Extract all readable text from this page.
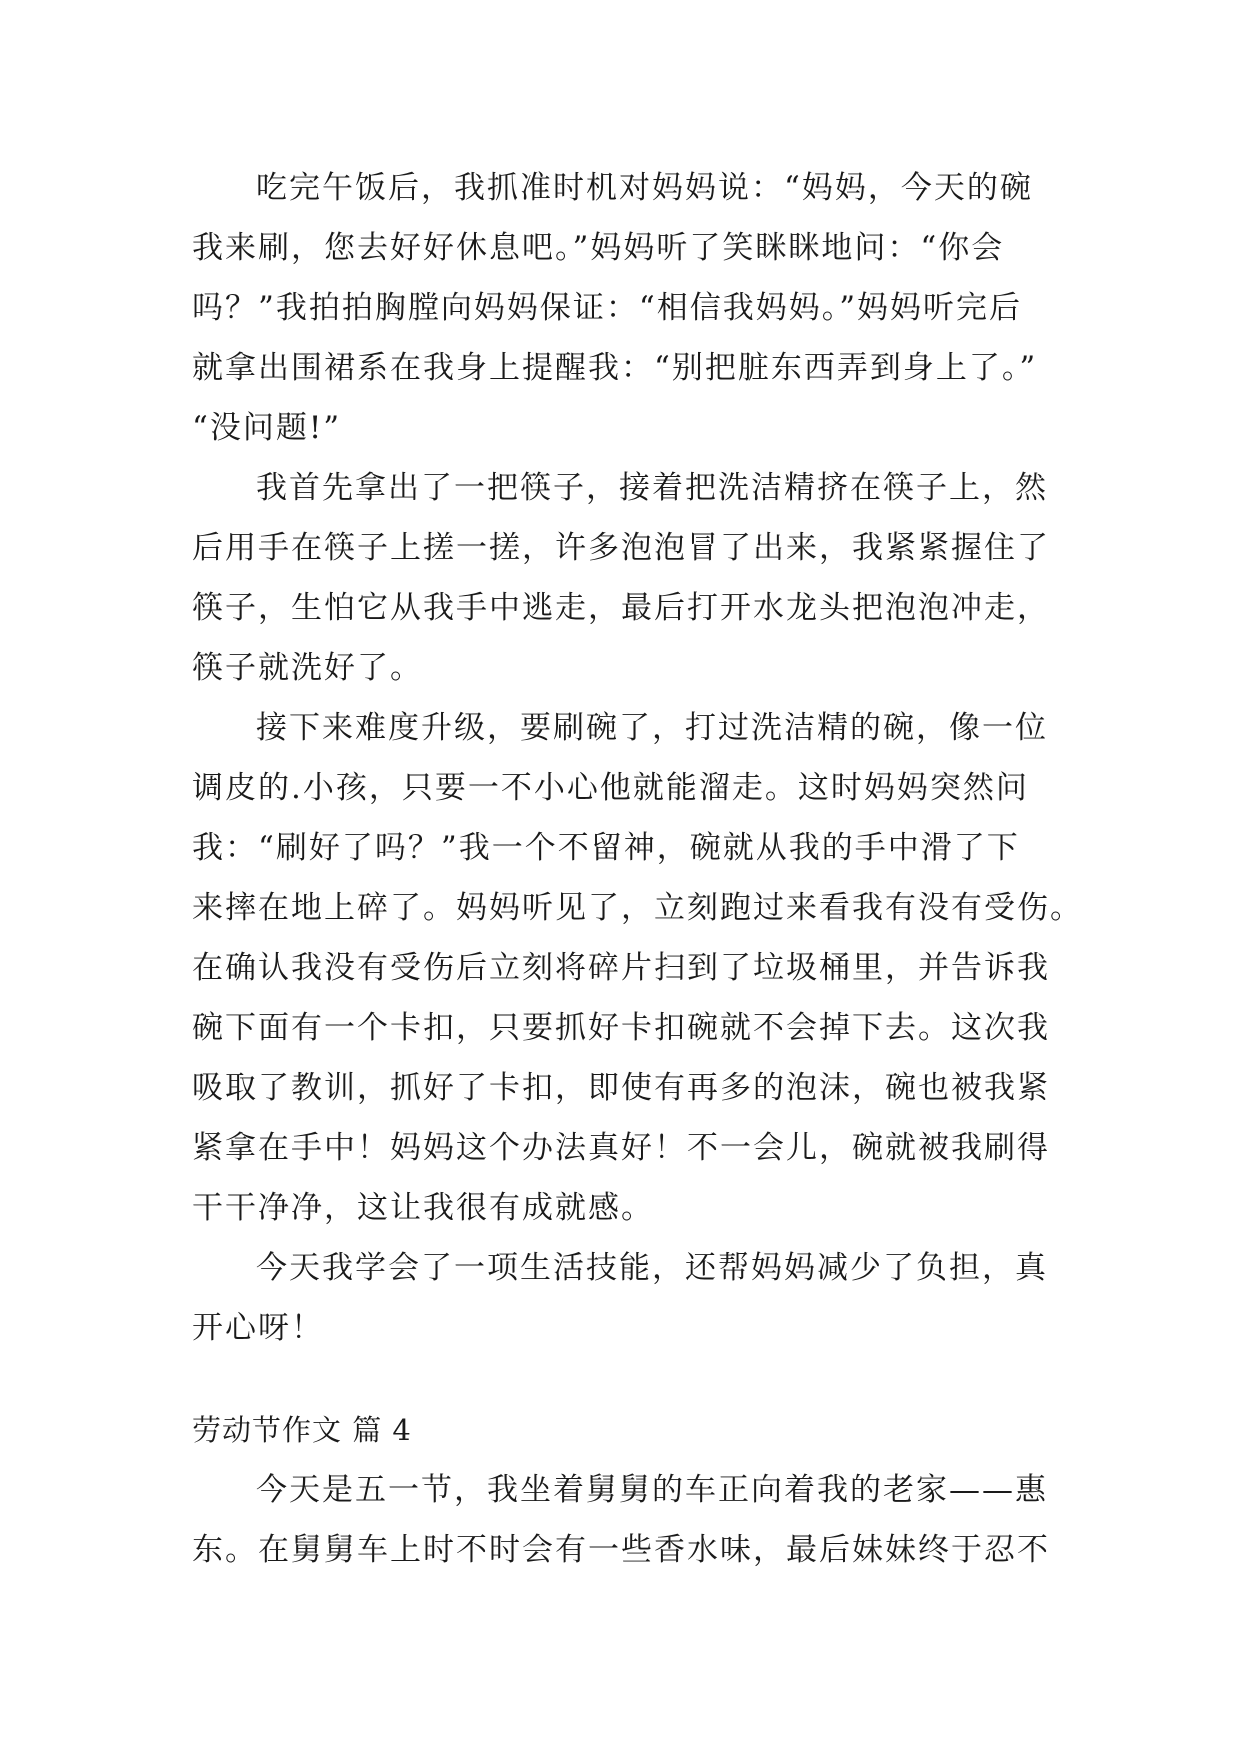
吃完午饭后，我抓准时机对妈妈说：“妈妈，今天的碗
我来刷，您去好好休息吧。”妈妈听了笑眯眯地问：“你会
吗？”我拍拍胸膛向妈妈保证：“相信我妈妈。”妈妈听完后
就拿出围裙系在我身上提醒我：“别把脏东西弄到身上了。”
“没问题!”
我首先拿出了一把筷子，接着把洗洁精挤在筷子上，然
后用手在筷子上搓一搓，许多泡泡冒了出来，我紧紧握住了
筷子，生怕它从我手中逃走，最后打开水龙头把泡泡冲走，
筷子就洗好了。
接下来难度升级，要刷碗了，打过洗洁精的碗，像一位
调皮的.小孩，只要一不小心他就能溜走。这时妈妈突然问
我：“刷好了吗？”我一个不留神，碗就从我的手中滑了下
来摔在地上碎了。妈妈听见了，立刻跑过来看我有没有受伤。
在确认我没有受伤后立刻将碎片扫到了垃圾桶里，并告诉我
碗下面有一个卡扣，只要抓好卡扣碗就不会掉下去。这次我
吸取了教训，抓好了卡扣，即使有再多的泡沫，碗也被我紧
紧拿在手中！妈妈这个办法真好！不一会儿，碗就被我刷得
干干净净，这让我很有成就感。
今天我学会了一项生活技能，还帮妈妈减少了负担，真
开心呀！
劳动节作文 篇 4
今天是五一节，我坐着舅舅的车正向着我的老家——惠
东。在舅舅车上时不时会有一些香水味，最后妹妹终于忍不
